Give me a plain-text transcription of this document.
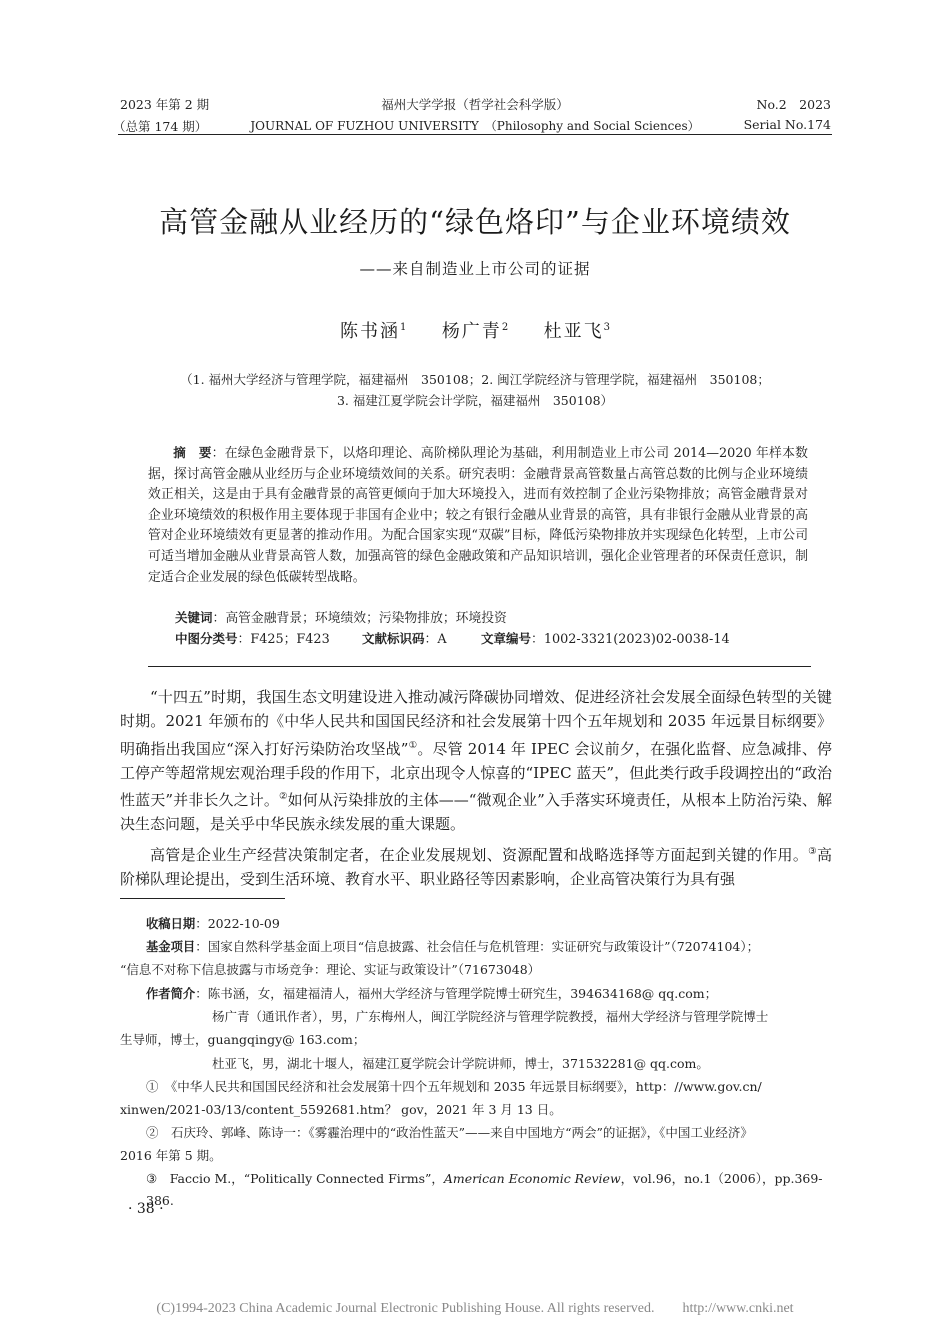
2023 年第 2 期	福州大学学报（哲学社会科学版）	No.2　2023
（总第 174 期）	JOURNAL OF FUZHOU UNIVERSITY　（Philosophy and Social Sciences）	Serial No.174
高管金融从业经历的“绿色烙印”与企业环境绩效
——来自制造业上市公司的证据
陈书涵$^1$　 杨广青$^2$　 杜亚飞$^3$
（1. 福州大学经济与管理学院，福建福州　350108；2. 闽江学院经济与管理学院，福建福州　350108；
3. 福建江夏学院会计学院，福建福州　350108）
摘　要：在绿色金融背景下，以烙印理论、高阶梯队理论为基础，利用制造业上市公司 2014—2020 年样本数据，探讨高管金融从业经历与企业环境绩效间的关系。研究表明：金融背景高管数量占高管总数的比例与企业环境绩效正相关，这是由于具有金融背景的高管更倾向于加大环境投入，进而有效控制了企业污染物排放；高管金融背景对企业环境绩效的积极作用主要体现于非国有企业中；较之有银行金融从业背景的高管，具有非银行金融从业背景的高管对企业环境绩效有更显著的推动作用。为配合国家实现“双碳”目标，降低污染物排放并实现绿色化转型，上市公司可适当增加金融从业背景高管人数，加强高管的绿色金融政策和产品知识培训，强化企业管理者的环保责任意识，制定适合企业发展的绿色低碳转型战略。
关键词：高管金融背景；环境绩效；污染物排放；环境投资
中图分类号：F425；F423	文献标识码：A	文章编号：1002-3321(2023)02-0038-14
“十四五”时期，我国生态文明建设进入推动减污降碳协同增效、促进经济社会发展全面绿色转型的关键时期。2021 年颁布的《中华人民共和国国民经济和社会发展第十四个五年规划和 2035 年远景目标纲要》明确指出我国应“深入打好污染防治攻坚战”①。尽管 2014 年 IPEC 会议前夕，在强化监督、应急减排、停工停产等超常规宏观治理手段的作用下，北京出现令人惊喜的“IPEC 蓝天”，但此类行政手段调控出的“政治性蓝天”并非长久之计。②如何从污染排放的主体——“微观企业”入手落实环境责任，从根本上防治污染、解决生态问题，是关乎中华民族永续发展的重大课题。
高管是企业生产经营决策制定者，在企业发展规划、资源配置和战略选择等方面起到关键的作用。③高阶梯队理论提出，受到生活环境、教育水平、职业路径等因素影响，企业高管决策行为具有强
收稿日期：2022-10-09
基金项目：国家自然科学基金面上项目“信息披露、社会信任与危机管理：实证研究与政策设计”（72074104）；
“信息不对称下信息披露与市场竞争：理论、实证与政策设计”（71673048）
作者简介：陈书涵，女，福建福清人，福州大学经济与管理学院博士研究生，394634168@ qq.com；
杨广青（通讯作者），男，广东梅州人，闽江学院经济与管理学院教授，福州大学经济与管理学院博士
生导师，博士，guangqingy@ 163.com；
杜亚飞，男，湖北十堰人，福建江夏学院会计学院讲师，博士，371532281@ qq.com。
①　 《中华人民共和国国民经济和社会发展第十四个五年规划和 2035 年远景目标纲要》，http：//www.gov.cn/
xinwen/2021-03/13/content_5592681.htm？ gov，2021 年 3 月 13 日。
②　 石庆玲、郭峰、陈诗一：《雾霾治理中的“政治性蓝天”——来自中国地方“两会”的证据》，《中国工业经济》
2016 年第 5 期。
③　 Faccio M.，“Politically Connected Firms”，American Economic Review，vol.96，no.1（2006），pp.369-386.
· 38 ·
(C)1994-2023 China Academic Journal Electronic Publishing House. All rights reserved.　　http://www.cnki.net
